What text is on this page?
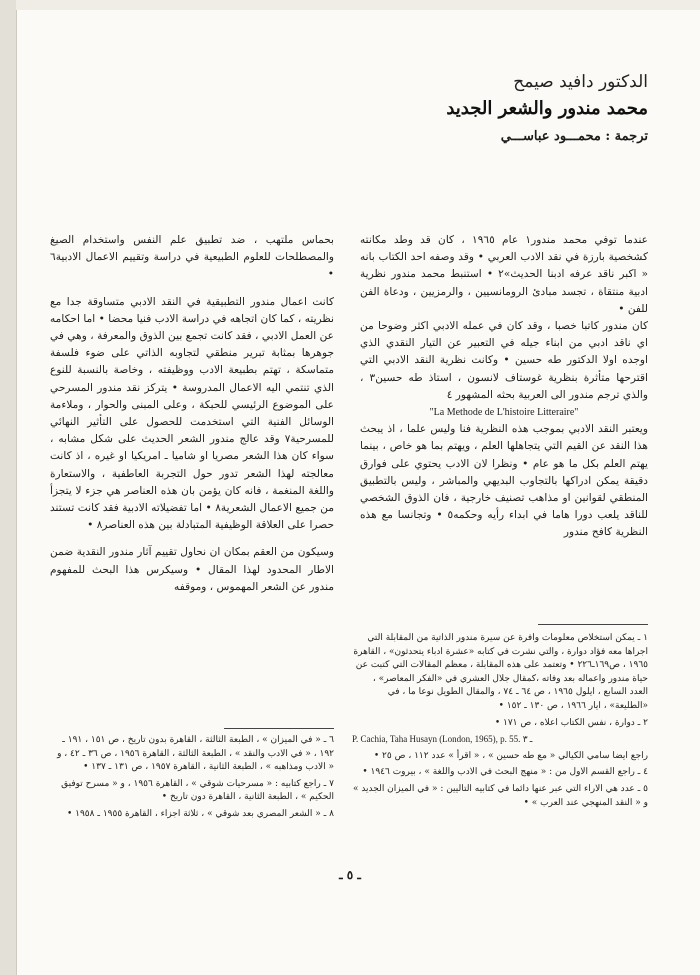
الدكتور دافيد صيمح
محمد مندور والشعر الجديد
ترجمة : محمـــود عباســـي

عندما توفي محمد مندور١ عام ١٩٦٥ ، كان قد وطد مكانته كشخصية بارزة في نقد الادب العربي • وقد وصفه احد الكتاب بانه « اكبر ناقد عرفه ادبنا الحديث»٢ • استنبط محمد مندور نظرية ادبية منتقاة ، تجسد مبادئ الرومانسيين ، والرمزيين ، ودعاة الفن للفن •

كان مندور كاتبا خصبا ، وقد كان في عمله الادبي اكثر وضوحا من اي ناقد ادبي من ابناء جيله في التعبير عن التيار النقدي الذي اوجده اولا الدكتور طه حسين • وكانت نظرية النقد الادبي التي اقترحها متأثرة بنظرية غوستاف لانسون ، استاذ طه حسين٣ ، والذي ترجم مندور الى العربية بحثه المشهور ٤

"La Methode de L'histoire Litteraire"

ويعتبر النقد الادبي بموجب هذه النظرية فنا وليس علما ، اذ يبحث هذا النقد عن القيم التي يتجاهلها العلم ، ويهتم بما هو خاص ، بينما يهتم العلم بكل ما هو عام • ونظرا لان الادب يحتوي على فوارق دقيقة يمكن ادراكها بالتجاوب البديهي والمباشر ، وليس بالتطبيق المنطقي لقوانين او مذاهب تصنيف خارجية ، فان الذوق الشخصي للناقد يلعب دورا هاما في ابداء رأيه وحكمه٥ • وتجانسا مع هذه النظرية كافح مندور

بحماس ملتهب ، ضد تطبيق علم النفس واستخدام الصيغ والمصطلحات للعلوم الطبيعية في دراسة وتقييم الاعمال الادبية٦ •

كانت اعمال مندور التطبيقية في النقد الادبي متساوقة جدا مع نظريته ، كما كان اتجاهه في دراسة الادب فنيا محضا • اما احكامه عن العمل الادبي ، فقد كانت تجمع بين الذوق والمعرفة ، وهي في جوهرها بمثابة تبرير منطقي لتجاوبه الذاتي على ضوء فلسفة متماسكة ، تهتم بطبيعة الادب ووظيفته ، وخاصة بالنسبة للنوع الذي تنتمي اليه الاعمال المدروسة • يتركز نقد مندور المسرحي على الموضوع الرئيسي للحبكة ، وعلى المبنى والحوار ، وملاءمة الوسائل الفنية التي استخدمت للحصول على التأثير النهائي للمسرحية٧ وقد عالج مندور الشعر الحديث على شكل مشابه ، سواء كان هذا الشعر مصريا او شاميا ـ امريكيا او غيره ، اذ كانت معالجته لهذا الشعر تدور حول التجربة العاطفية ، والاستعارة واللغة المنغمة ، فانه كان يؤمن بان هذه العناصر هي جزء لا يتجزأ من جميع الاعمال الشعرية٨ • اما تفضيلاته الادبية فقد كانت تستند حصرا على العلاقة الوظيفية المتبادلة بين هذه العناصر٨ •

وسيكون من العقم بمكان ان نحاول تقييم آثار مندور النقدية ضمن الاطار المحدود لهذا المقال • وسيكرس هذا البحث للمفهوم مندور عن الشعر المهموس ، وموقفه

١ ـ يمكن استخلاص معلومات وافرة عن سيرة مندور الذاتية من المقابلة التي اجراها معه فؤاد دوارة ، والتي نشرت في كتابه «عشرة ادباء يتحدثون» ، القاهرة ١٩٦٥ ، ص١٦٩ـ٢٢٦ • وتعتمد على هذه المقابلة ، معظم المقالات التي كتبت عن حياة مندور واعماله بعد وفاته ،كمقال جلال العشري في «الفكر المعاصر» ، العدد السابع ، ايلول ١٩٦٥ ، ص ٦٤ ـ ٧٤ ، والمقال الطويل نوعا ما ، في «الطليعة» ، ايار ١٩٦٦ ، ص ١٣٠ ـ ١٥٢ •

٢ ـ دوارة ، نفس الكتاب اعلاه ، ص ١٧١ •

P. Cachia, Taha Husayn (London, 1965), p. 55. ـ ٣

راجع ايضا سامي الكيالي « مع طه حسين » ، « اقرأ » عدد ١١٢ ، ص ٢٥ •

٤ ـ راجع القسم الاول من : « منهج البحث في الادب واللغة » ، بيروت ١٩٤٦ •

٥ ـ عدد هي الاراء التي عبر عنها دائما في كتابيه التاليين : « في الميزان الجديد » و « النقد المنهجي عند العرب » •

٦ ـ « في الميزان » ، الطبعة الثالثة ، القاهرة بدون تاريخ ، ص ١٥١ ، ١٩١ ـ ١٩٢ ، « في الادب والنقد » ، الطبعة الثالثة ، القاهرة ١٩٥٦ ، ص ٣٦ ـ ٤٢ ، و « الادب ومذاهبه » ، الطبعة الثانية ، القاهرة ١٩٥٧ ، ص ١٣١ ـ ١٣٧ •

٧ ـ راجع كتابيه : « مسرحيات شوقي » ، القاهرة ١٩٥٦ ، و « مسرح توفيق الحكيم » ، الطبعة الثانية ، القاهرة دون تاريخ •

٨ ـ « الشعر المصري بعد شوقي » ، ثلاثة اجزاء ، القاهرة ١٩٥٥ ـ ١٩٥٨ •

ـ ٥ ـ
